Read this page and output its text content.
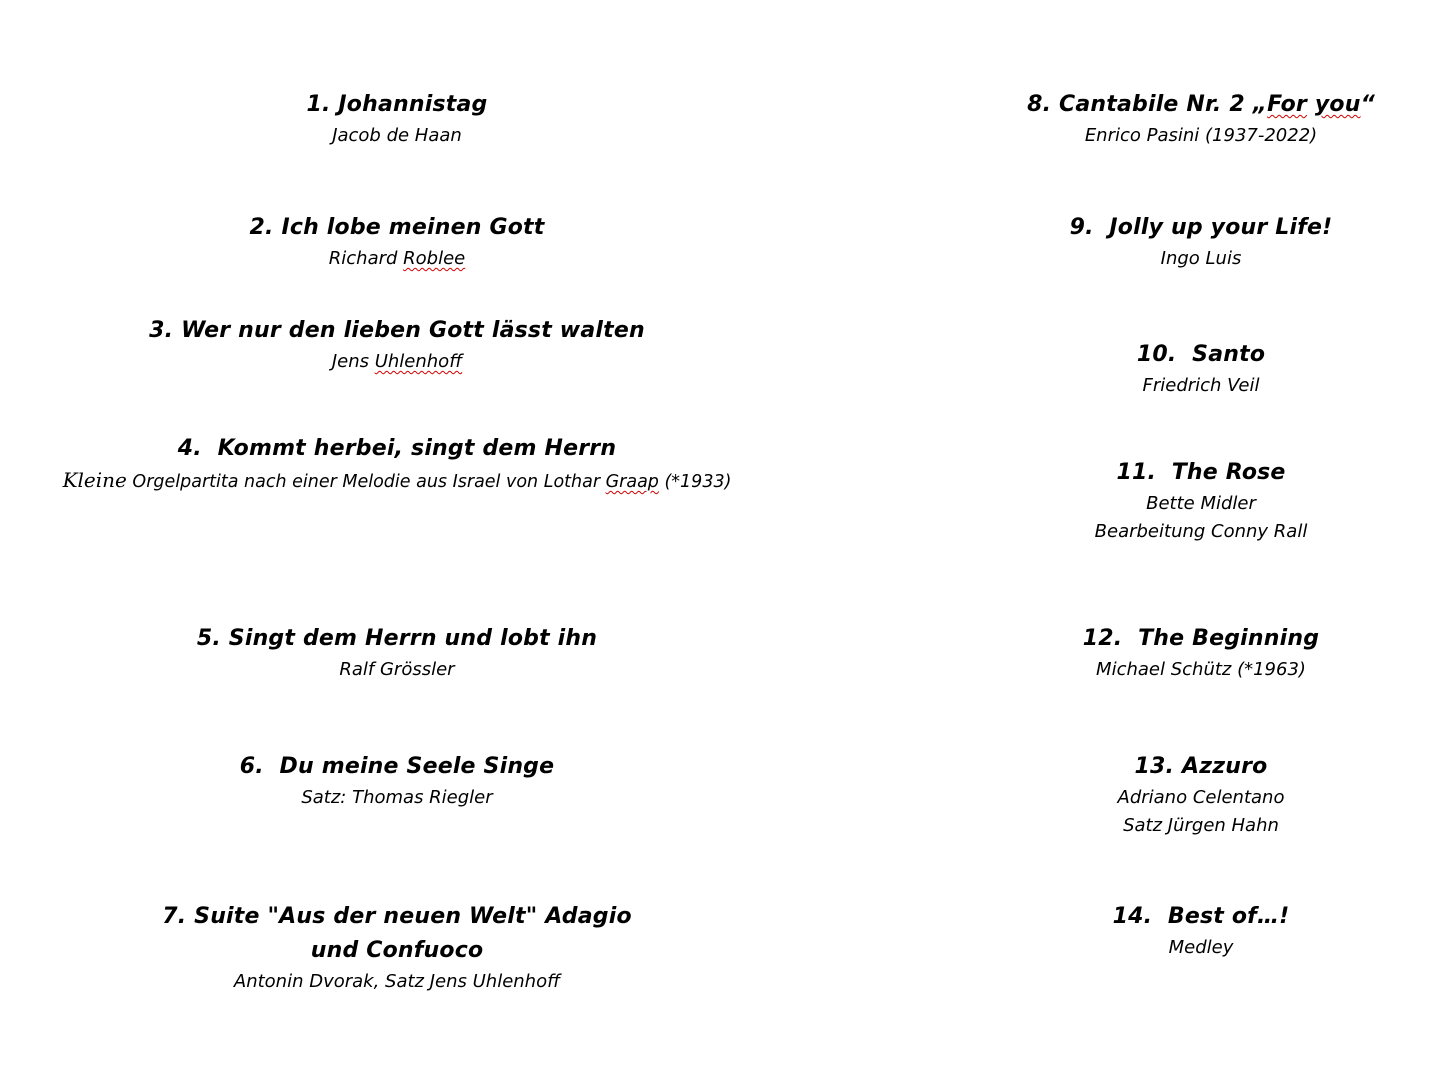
1. Johannistag
Jacob de Haan
2. Ich lobe meinen Gott
Richard Roblee
3. Wer nur den lieben Gott lässt walten
Jens Uhlenhoff
4.  Kommt herbei, singt dem Herrn
Kleine Orgelpartita nach einer Melodie aus Israel von Lothar Graap (*1933)
5. Singt dem Herrn und lobt ihn
Ralf Grössler
6.  Du meine Seele Singe
Satz: Thomas Riegler
7. Suite "Aus der neuen Welt" Adagio und Confuoco
Antonin Dvorak, Satz Jens Uhlenhoff
8. Cantabile Nr. 2 „For you“
Enrico Pasini (1937-2022)
9.  Jolly up your Life!
Ingo Luis
10.  Santo
Friedrich Veil
11.  The Rose
Bette Midler
Bearbeitung Conny Rall
12.  The Beginning
Michael Schütz (*1963)
13. Azzuro
Adriano Celentano
Satz Jürgen Hahn
14.  Best of…!
Medley
